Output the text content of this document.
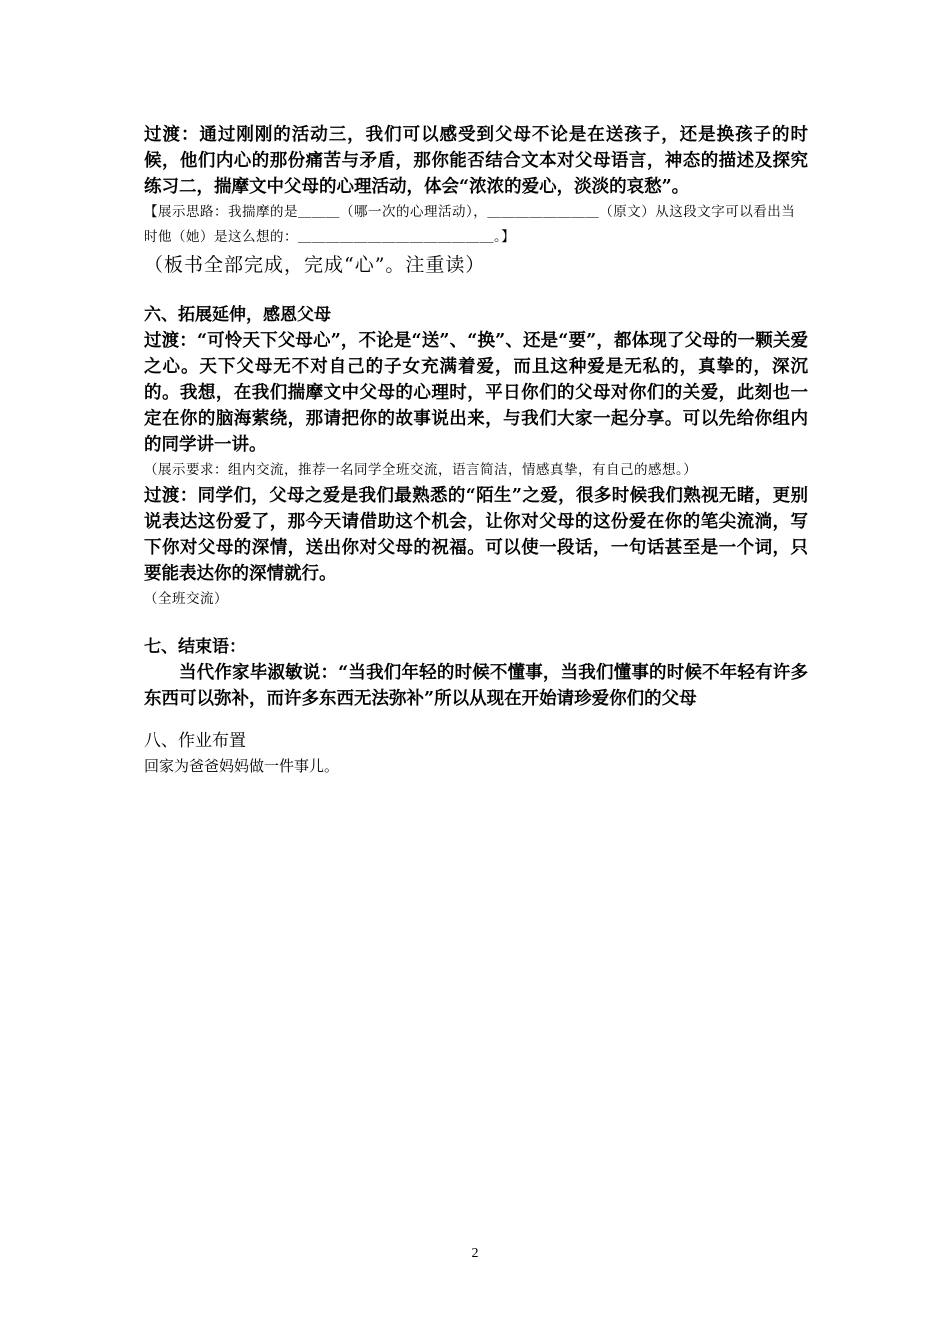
过渡：通过刚刚的活动三，我们可以感受到父母不论是在送孩子，还是换孩子的时候，他们内心的那份痛苦与矛盾，那你能否结合文本对父母语言，神态的描述及探究练习二，揣摩文中父母的心理活动，体会“浓浓的爱心，淡淡的哀愁”。

【展示思路：我揣摩的是＿＿＿（哪一次的心理活动），＿＿＿＿＿＿＿＿（原文）从这段文字可以看出当时他（她）是这么想的：＿＿＿＿＿＿＿＿＿＿＿＿＿＿。】

（板书全部完成，完成“心”。注重读）

六、拓展延伸，感恩父母

过渡：“可怜天下父母心”，不论是“送”、“换”、还是“要”，都体现了父母的一颗关爱之心。天下父母无不对自己的子女充满着爱，而且这种爱是无私的，真挚的，深沉的。我想，在我们揣摩文中父母的心理时，平日你们的父母对你们的关爱，此刻也一定在你的脑海萦绕，那请把你的故事说出来，与我们大家一起分享。可以先给你组内的同学讲一讲。

（展示要求：组内交流，推荐一名同学全班交流，语言简洁，情感真挚，有自己的感想。）

过渡：同学们，父母之爱是我们最熟悉的“陌生”之爱，很多时候我们熟视无睹，更别说表达这份爱了，那今天请借助这个机会，让你对父母的这份爱在你的笔尖流淌，写下你对父母的深情，送出你对父母的祝福。可以使一段话，一句话甚至是一个词，只要能表达你的深情就行。

（全班交流）

七、结束语：

当代作家毕淑敏说：“当我们年轻的时候不懂事，当我们懂事的时候不年轻有许多东西可以弥补，而许多东西无法弥补”所以从现在开始请珍爱你们的父母

八、作业布置

回家为爸爸妈妈做一件事儿。

2
